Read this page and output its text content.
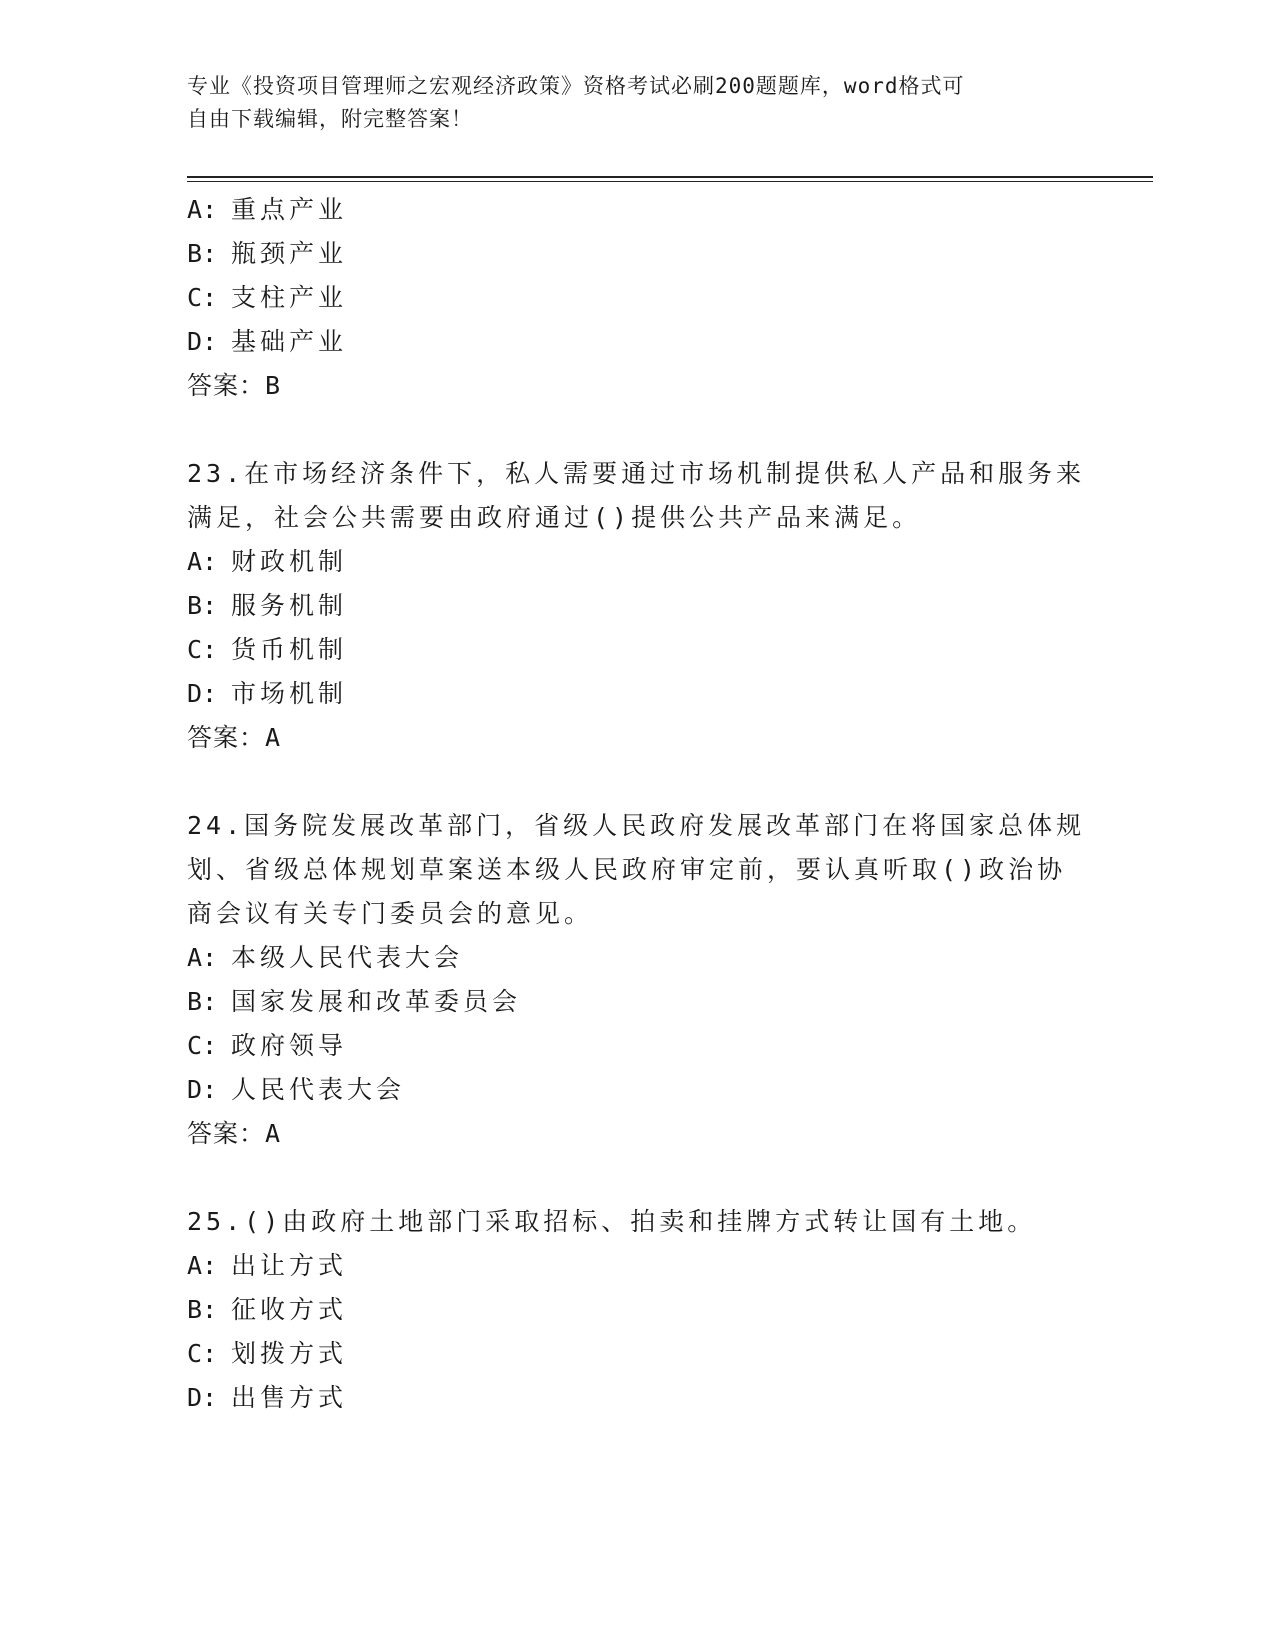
专业《投资项目管理师之宏观经济政策》资格考试必刷200题题库，word格式可
自由下载编辑，附完整答案！
A: 重点产业
B: 瓶颈产业
C: 支柱产业
D: 基础产业
答案：B
23.在市场经济条件下，私人需要通过市场机制提供私人产品和服务来
满足，社会公共需要由政府通过()提供公共产品来满足。
A: 财政机制
B: 服务机制
C: 货币机制
D: 市场机制
答案：A
24.国务院发展改革部门，省级人民政府发展改革部门在将国家总体规
划、省级总体规划草案送本级人民政府审定前，要认真听取()政治协
商会议有关专门委员会的意见。
A: 本级人民代表大会
B: 国家发展和改革委员会
C: 政府领导
D: 人民代表大会
答案：A
25.()由政府土地部门采取招标、拍卖和挂牌方式转让国有土地。
A: 出让方式
B: 征收方式
C: 划拨方式
D: 出售方式
